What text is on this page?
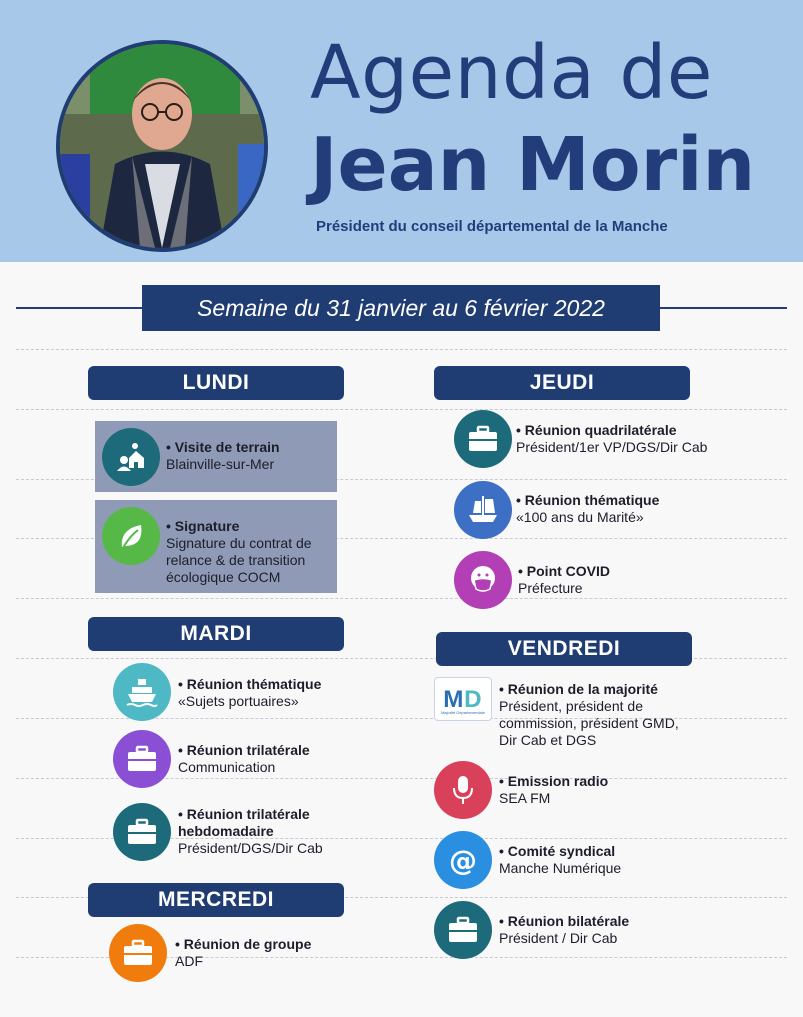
Agenda de
Jean Morin
Président du conseil départemental de la Manche
Semaine du 31 janvier au 6 février 2022
LUNDI
• Visite de terrain
Blainville-sur-Mer
• Signature
Signature du contrat de
relance & de transition
écologique COCM
MARDI
• Réunion thématique
«Sujets portuaires»
• Réunion trilatérale
Communication
• Réunion trilatérale
hebdomadaire
Président/DGS/Dir Cab
MERCREDI
• Réunion de groupe
ADF
JEUDI
• Réunion quadrilatérale
Président/1er VP/DGS/Dir Cab
• Réunion thématique
«100 ans du Marité»
• Point COVID
Préfecture
VENDREDI
M D
Majorité Départementale
• Réunion de la majorité
Président, président de
commission, président GMD,
Dir Cab et DGS
• Emission radio
SEA FM
@
•	Comité syndical
Manche Numérique
• Réunion bilatérale
Président / Dir Cab
